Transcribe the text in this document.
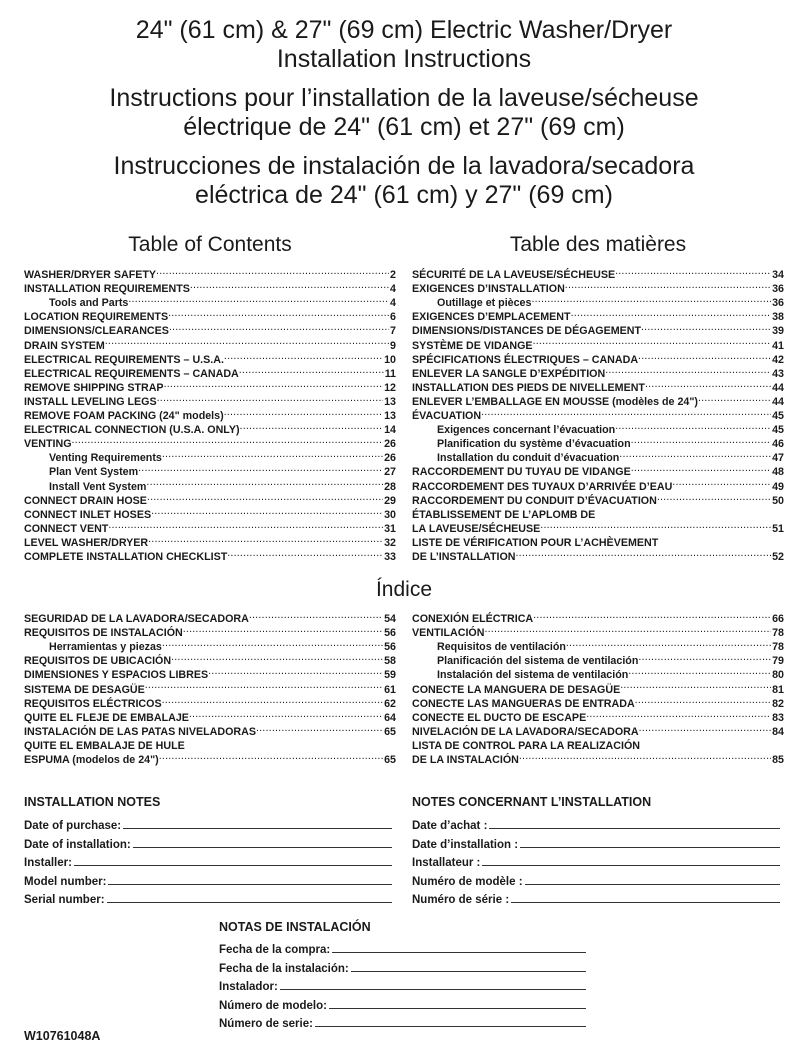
24" (61 cm) & 27" (69 cm) Electric Washer/Dryer
Installation Instructions
Instructions pour l’installation de la laveuse/sécheuse
électrique de 24" (61 cm) et 27" (69 cm)
Instrucciones de instalación de la lavadora/secadora
eléctrica de 24" (61 cm) y 27" (69 cm)
Table of Contents	Table des matières
Índice
WASHER/DRYER SAFETY .....	2
INSTALLATION REQUIREMENTS .....	4
Tools and Parts .....	4
LOCATION REQUIREMENTS .....	6
DIMENSIONS/CLEARANCES .....	7
DRAIN SYSTEM .....	9
ELECTRICAL REQUIREMENTS – U.S.A. .....	10
ELECTRICAL REQUIREMENTS – CANADA .....	11
REMOVE SHIPPING STRAP .....	12
INSTALL LEVELING LEGS .....	13
REMOVE FOAM PACKING (24" models) .....	13
ELECTRICAL CONNECTION (U.S.A. ONLY) .....	14
VENTING .....	26
Venting Requirements .....	26
Plan Vent System .....	27
Install Vent System .....	28
CONNECT DRAIN HOSE .....	29
CONNECT INLET HOSES .....	30
CONNECT VENT .....	31
LEVEL WASHER/DRYER .....	32
COMPLETE INSTALLATION CHECKLIST .....	33
SÉCURITÉ DE LA LAVEUSE/SÉCHEUSE .....	34
EXIGENCES D’INSTALLATION .....	36
Outillage et pièces .....	36
EXIGENCES D’EMPLACEMENT .....	38
DIMENSIONS/DISTANCES DE DÉGAGEMENT .....	39
SYSTÈME DE VIDANGE .....	41
SPÉCIFICATIONS ÉLECTRIQUES – CANADA .....	42
ENLEVER LA SANGLE D’EXPÉDITION .....	43
INSTALLATION DES PIEDS DE NIVELLEMENT .....	44
ENLEVER L’EMBALLAGE EN MOUSSE (modèles de 24") .....	44
ÉVACUATION .....	45
Exigences concernant l’évacuation .....	45
Planification du système d’évacuation .....	46
Installation du conduit d’évacuation .....	47
RACCORDEMENT DU TUYAU DE VIDANGE .....	48
RACCORDEMENT DES TUYAUX D’ARRIVÉE D’EAU .....	49
RACCORDEMENT DU CONDUIT D’ÉVACUATION .....	50
ÉTABLISSEMENT DE L’APLOMB DE
LA LAVEUSE/SÉCHEUSE .....	51
LISTE DE VÉRIFICATION POUR L’ACHÈVEMENT
DE L’INSTALLATION .....	52
SEGURIDAD DE LA LAVADORA/SECADORA .....	54
REQUISITOS DE INSTALACIÓN .....	56
Herramientas y piezas .....	56
REQUISITOS DE UBICACIÓN .....	58
DIMENSIONES Y ESPACIOS LIBRES .....	59
SISTEMA DE DESAGÜE .....	61
REQUISITOS ELÉCTRICOS .....	62
QUITE EL FLEJE DE EMBALAJE .....	64
INSTALACIÓN DE LAS PATAS NIVELADORAS .....	65
QUITE EL EMBALAJE DE HULE
ESPUMA (modelos de 24") .....	65
CONEXIÓN ELÉCTRICA .....	66
VENTILACIÓN .....	78
Requisitos de ventilación .....	78
Planificación del sistema de ventilación .....	79
Instalación del sistema de ventilación .....	80
CONECTE LA MANGUERA DE DESAGÜE .....	81
CONECTE LAS MANGUERAS DE ENTRADA .....	82
CONECTE EL DUCTO DE ESCAPE .....	83
NIVELACIÓN DE LA LAVADORA/SECADORA .....	84
LISTA DE CONTROL PARA LA REALIZACIÓN
DE LA INSTALACIÓN .....	85
INSTALLATION NOTES	NOTES CONCERNANT L’INSTALLATION
NOTAS DE INSTALACIÓN
Date of purchase:
Date of installation:
Installer:
Model number:
Serial number:
Date d’achat :
Date d’installation :
Installateur :
Numéro de modèle :
Numéro de série :
Fecha de la compra:
Fecha de la instalación:
Instalador:
Número de modelo:
Número de serie:
W10761048A
